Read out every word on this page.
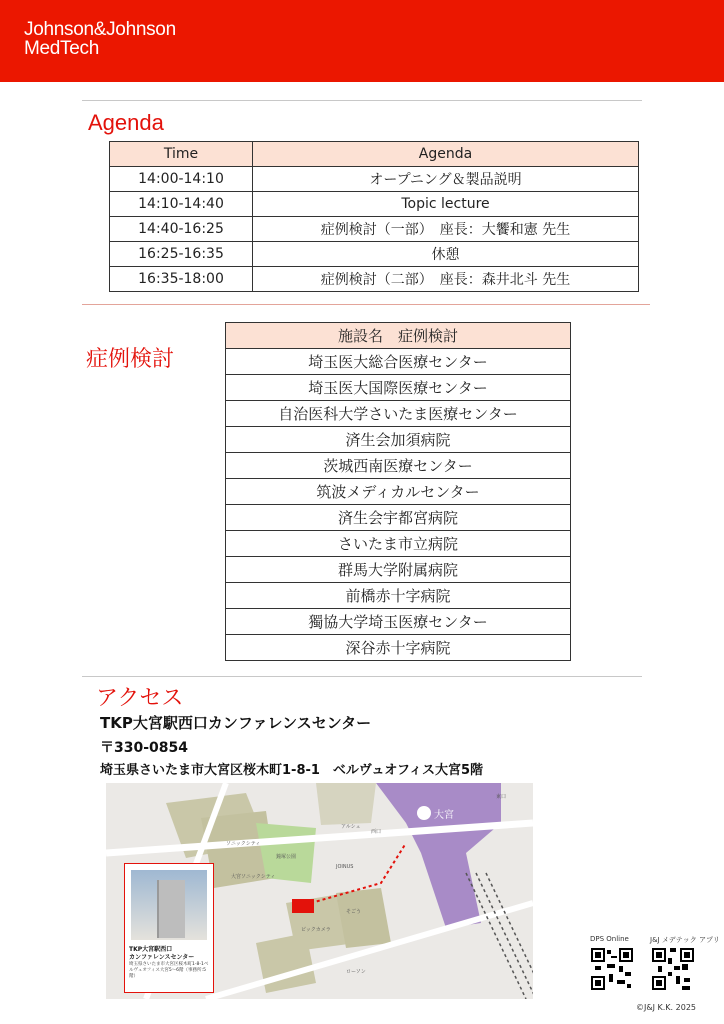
Johnson&Johnson
MedTech
Agenda
Time	Agenda
14:00-14:10	オープニング＆製品説明
14:10-14:40	Topic lecture
14:40-16:25	症例検討（一部）　座長：大饗和憲 先生
16:25-16:35	休憩
16:35-18:00	症例検討（二部）　座長：森井北斗 先生
症例検討
施設名　症例検討
埼玉医大総合医療センター
埼玉医大国際医療センター
自治医科大学さいたま医療センター
済生会加須病院
茨城西南医療センター
筑波メディカルセンター
済生会宇都宮病院
さいたま市立病院
群馬大学附属病院
前橋赤十字病院
獨協大学埼玉医療センター
深谷赤十字病院
アクセス
TKP大宮駅西口カンファレンスセンター
〒330-0854
埼玉県さいたま市大宮区桜木町1-8-1　ベルヴュオフィス大宮5階
大宮
ソニックシティ
鐘塚公園
大宮ソニックシティ
そごう
ビックカメラ
西口
ローソン
JOINUS
アルシェ
東口
TKP大宮駅西口
カンファレンスセンター
埼玉県さいたま市大宮区桜木町1-8-1ベルヴュオフィス大宮5〜6階（事務所:5階）
DPS Online	J&J メデテック アプリ
©J&J K.K. 2025
